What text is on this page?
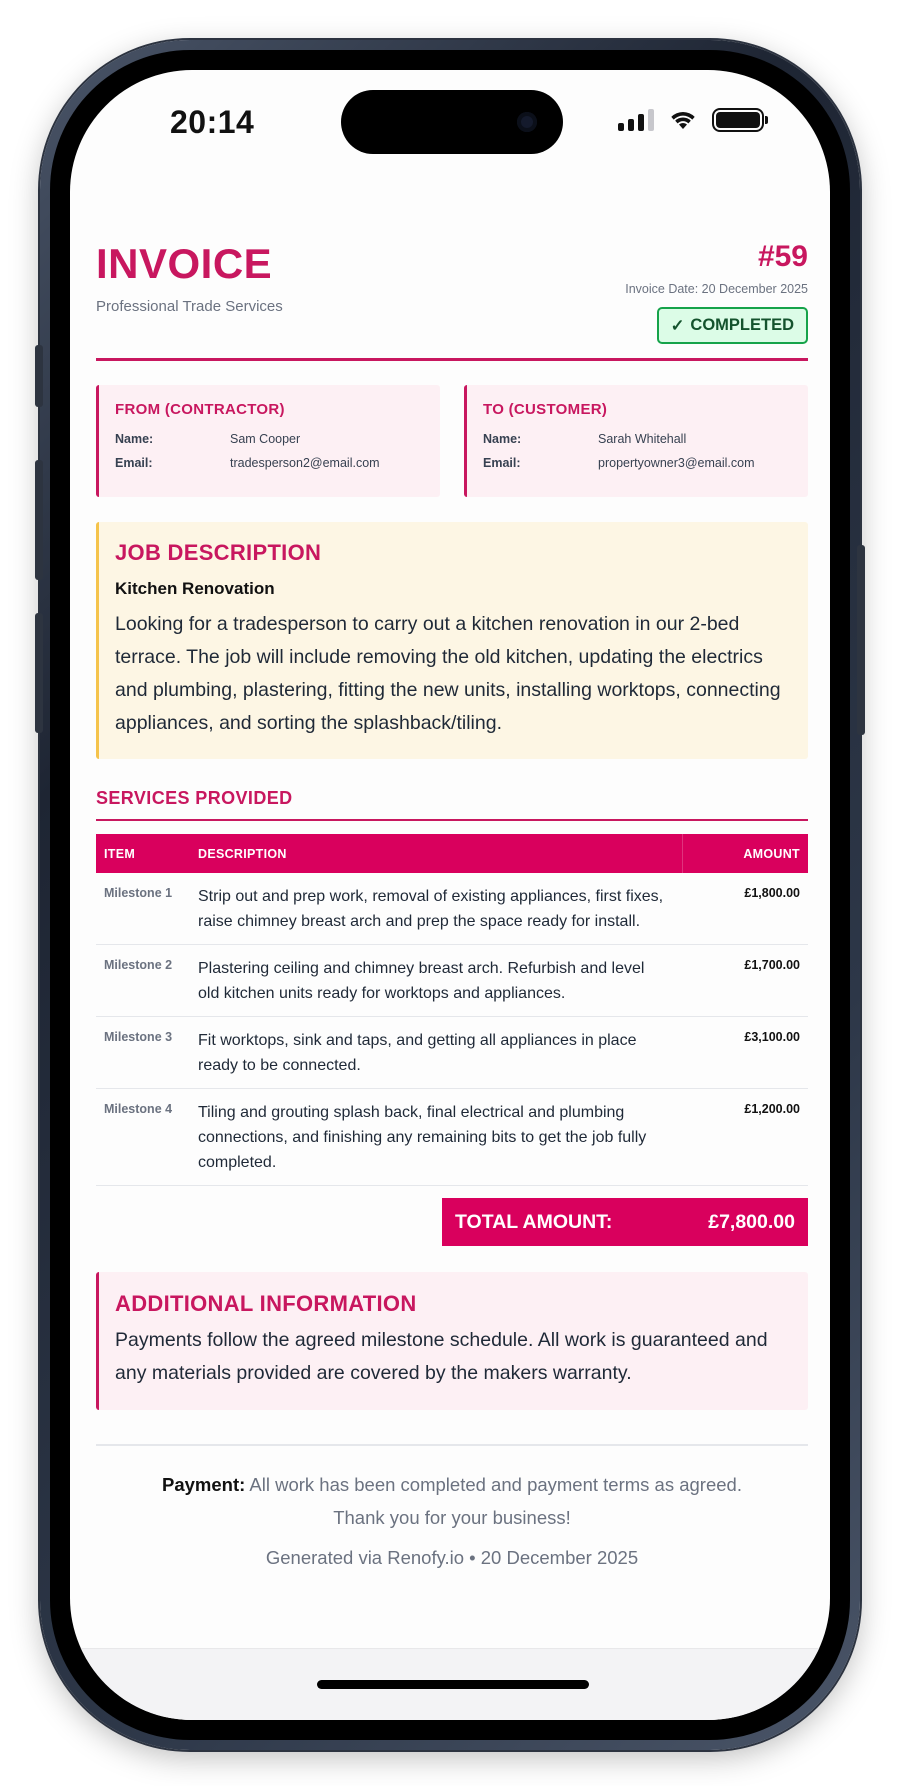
20:14
INVOICE
Professional Trade Services
#59
Invoice Date: 20 December 2025
✓ COMPLETED
FROM (CONTRACTOR)
Name:	Sam Cooper
Email:	tradesperson2@email.com
TO (CUSTOMER)
Name:	Sarah Whitehall
Email:	propertyowner3@email.com
JOB DESCRIPTION
Kitchen Renovation

Looking for a tradesperson to carry out a kitchen renovation in our 2-bed terrace. The job will include removing the old kitchen, updating the electrics and plumbing, plastering, fitting the new units, installing worktops, connecting appliances, and sorting the splashback/tiling.

SERVICES PROVIDED
ITEM	DESCRIPTION	AMOUNT
Milestone 1	Strip out and prep work, removal of existing appliances, first fixes, raise chimney breast arch and prep the space ready for install.	£1,800.00
Milestone 2	Plastering ceiling and chimney breast arch. Refurbish and level old kitchen units ready for worktops and appliances.	£1,700.00
Milestone 3	Fit worktops, sink and taps, and getting all appliances in place ready to be connected.	£3,100.00
Milestone 4	Tiling and grouting splash back, final electrical and plumbing connections, and finishing any remaining bits to get the job fully completed.	£1,200.00
TOTAL AMOUNT:	£7,800.00
ADDITIONAL INFORMATION

Payments follow the agreed milestone schedule. All work is guaranteed and any materials provided are covered by the makers warranty.

Payment: All work has been completed and payment terms as agreed.
Thank you for your business!
Generated via Renofy.io • 20 December 2025
